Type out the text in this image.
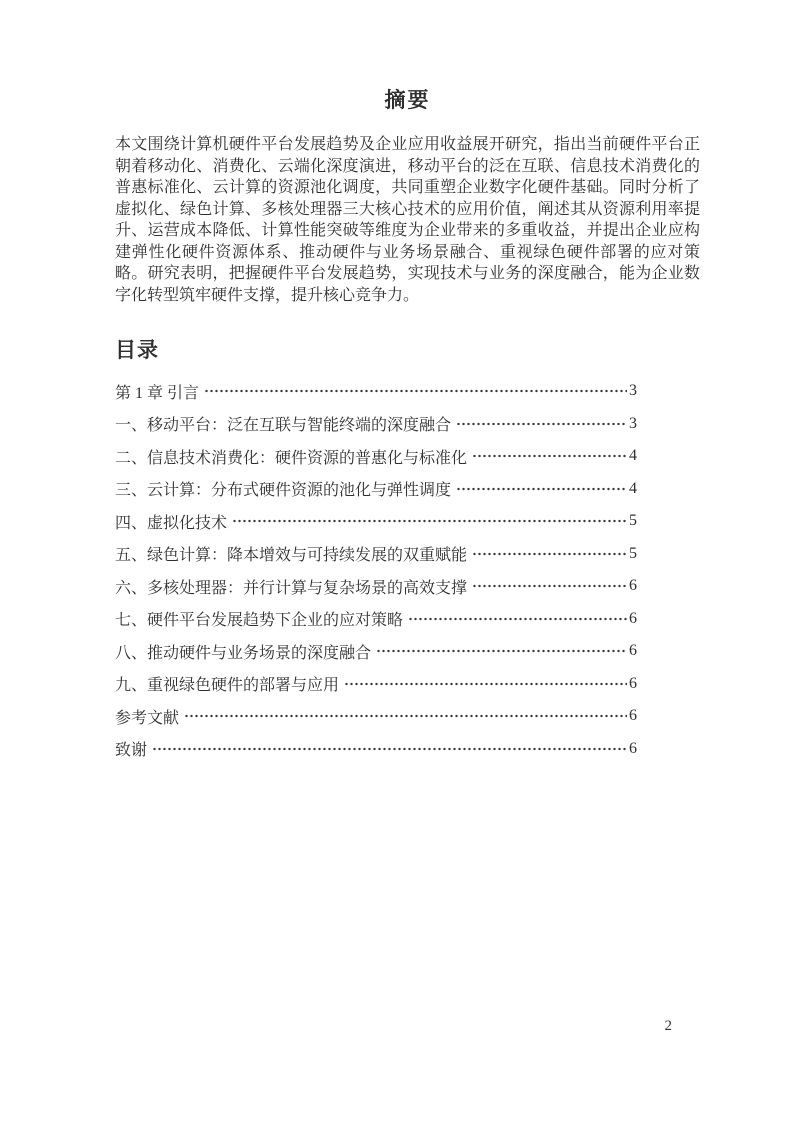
摘要

本文围绕计算机硬件平台发展趋势及企业应用收益展开研究，指出当前硬件平台正朝着移动化、消费化、云端化深度演进，移动平台的泛在互联、信息技术消费化的普惠标准化、云计算的资源池化调度，共同重塑企业数字化硬件基础。同时分析了虚拟化、绿色计算、多核处理器三大核心技术的应用价值，阐述其从资源利用率提升、运营成本降低、计算性能突破等维度为企业带来的多重收益，并提出企业应构建弹性化硬件资源体系、推动硬件与业务场景融合、重视绿色硬件部署的应对策略。研究表明，把握硬件平台发展趋势，实现技术与业务的深度融合，能为企业数字化转型筑牢硬件支撑，提升核心竞争力。

目录
第 1 章 引言	3
一、移动平台：泛在互联与智能终端的深度融合	3
二、信息技术消费化：硬件资源的普惠化与标准化	4
三、云计算：分布式硬件资源的池化与弹性调度	4
四、虚拟化技术	5
五、绿色计算：降本增效与可持续发展的双重赋能	5
六、多核处理器：并行计算与复杂场景的高效支撑	6
七、硬件平台发展趋势下企业的应对策略	6
八、推动硬件与业务场景的深度融合	6
九、重视绿色硬件的部署与应用	6
参考文献	6
致谢	6
2
